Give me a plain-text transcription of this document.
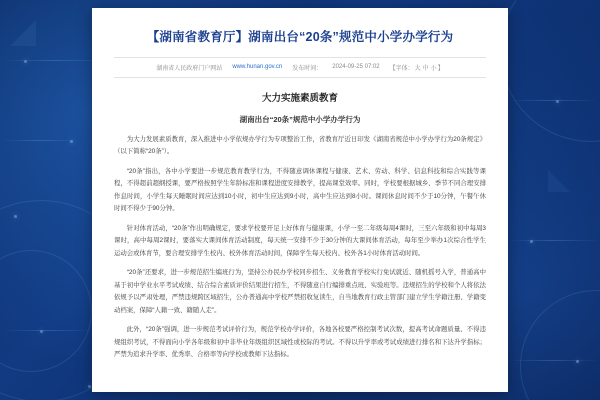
【湖南省教育厅】湖南出台“20条”规范中小学办学行为
湖南省人民政府门户网站 www.hunan.gov.cn 发布时间： 2024-09-25 07:02 【字体：大 中 小】
大力实施素质教育
湖南出台“20条”规范中小学办学行为

为大力发展素质教育，深入推进中小学依规办学行为专项整治工作，省教育厅近日印发《湖南省规范中小学办学行为20条规定》（以下简称“20条”）。

“20条”指出，各中小学要进一步规范教育教学行为，不得随意调休课程与健康、艺术、劳动、科学、信息科技和综合实践等课程，不得超前超纲授课，要严格按照学生年龄标准和课程进度安排教学，提高课堂效率。同时，学校要根据城乡、季节不同合理安排作息时间，小学生每天睡眠时间应达到10小时，初中生应达到9小时，高中生应达到8小时。课间休息时间不少于10分钟，午餐午休时间不得少于90分钟。

针对体育活动，“20条”作出明确规定，要求学校要开足上好体育与健康课，小学一至二年级每周4课时，三至六年级和初中每周3课时，高中每周2课时，要落实大课间体育活动制度，每天统一安排不少于30分钟的大课间体育活动，每年至少举办1次综合性学生运动会或体育节，要合理安排学生校内、校外体育活动时间，保障学生每天校内、校外各1小时体育活动时间。

“20条”还要求，进一步规范招生编班行为，坚持公办民办学校同步招生、义务教育学校实行免试就近、随机摇号入学，普通高中基于初中学业水平考试成绩、结合综合素质评价结果进行招生，不得随意自行编排重点班、实验班等。违规招生的学校和个人将依法依规予以严肃处理，严禁违规跨区域招生，公办普通高中学校严禁招收复读生，自当地教育行政主管部门建立学生学籍注册、学籍变动档案，保障“人籍一致、籍随人走”。

此外，“20条”强调，进一步规范考试评价行为，规范学校办学评价，各地各校要严格控制考试次数，提高考试命题质量、不得违规组织考试，不得面向小学各年级和初中非毕业年级组织区域性或校际的考试。不得以升学率或考试成绩进行排名和下达升学指标；严禁为追求升学率、优秀率、合格率等向学校或教师下达指标。
